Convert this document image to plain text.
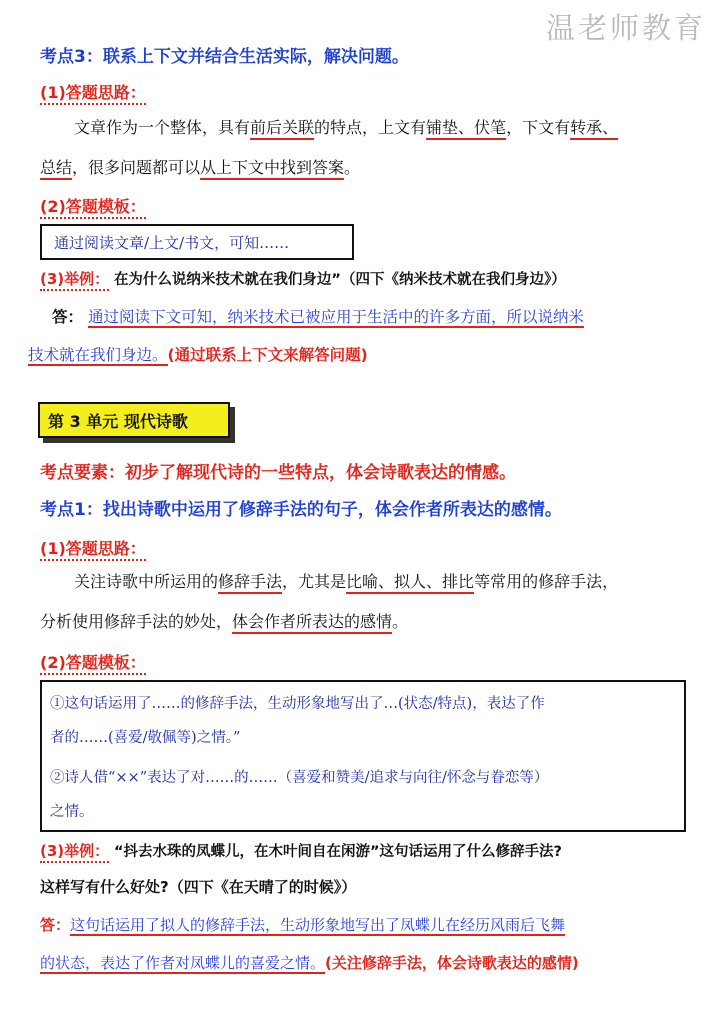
温老师教育
考点3：联系上下文并结合生活实际，解决问题。
(1)答题思路：
文章作为一个整体，具有前后关联的特点，上文有铺垫、伏笔，下文有转承、
总结，很多问题都可以从上下文中找到答案。
(2)答题模板：
通过阅读文章/上文/书文，可知……
(3)举例： 在为什么说纳米技术就在我们身边”（四下《纳米技术就在我们身边》）
答： 通过阅读下文可知，纳米技术已被应用于生活中的许多方面，所以说纳米
技术就在我们身边。(通过联系上下文来解答问题)
第 3 单元 现代诗歌
考点要素：初步了解现代诗的一些特点，体会诗歌表达的情感。
考点1：找出诗歌中运用了修辞手法的句子，体会作者所表达的感情。
(1)答题思路：
关注诗歌中所运用的修辞手法，尤其是比喻、拟人、排比等常用的修辞手法，
分析使用修辞手法的妙处，体会作者所表达的感情。
(2)答题模板：
①这句话运用了……的修辞手法，生动形象地写出了…(状态/特点)，表达了作
者的……(喜爱/敬佩等)之情。”
②诗人借“××”表达了对……的……（喜爱和赞美/追求与向往/怀念与眷恋等）
之情。
(3)举例： “抖去水珠的凤蝶儿，在木叶间自在闲游”这句话运用了什么修辞手法?
这样写有什么好处?（四下《在天晴了的时候》）
答：这句话运用了拟人的修辞手法，生动形象地写出了凤蝶儿在经历风雨后飞舞
的状态，表达了作者对凤蝶儿的喜爱之情。(关注修辞手法，体会诗歌表达的感情)
